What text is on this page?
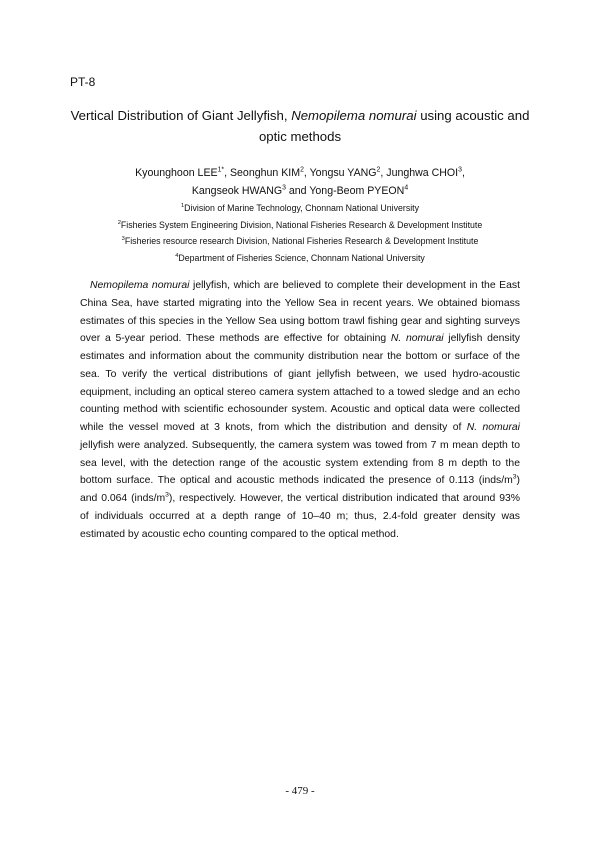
PT-8
Vertical Distribution of Giant Jellyfish, Nemopilema nomurai using acoustic and optic methods
Kyounghoon $LEE^{1*}$, Seonghun KIM$^2$, Yongsu YANG$^2$, Junghwa CHOI$^3$,
Kangseok HWANG$^3$ and Yong-Beom PYEON$^4$
$^1$Division of Marine Technology, Chonnam National University
$^2$Fisheries System Engineering Division, National Fisheries Research & Development Institute
$^3$Fisheries resource research Division, National Fisheries Research & Development Institute
$^4$Department of Fisheries Science, Chonnam National University

Nemopilema nomurai jellyfish, which are believed to complete their development in the East China Sea, have started migrating into the Yellow Sea in recent years. We obtained biomass estimates of this species in the Yellow Sea using bottom trawl fishing gear and sighting surveys over a 5-year period. These methods are effective for obtaining N. nomurai jellyfish density estimates and information about the community distribution near the bottom or surface of the sea. To verify the vertical distributions of giant jellyfish between, we used hydro-acoustic equipment, including an optical stereo camera system attached to a towed sledge and an echo counting method with scientific echosounder system. Acoustic and optical data were collected while the vessel moved at 3 knots, from which the distribution and density of N. nomurai jellyfish were analyzed. Subsequently, the camera system was towed from 7 m mean depth to sea level, with the detection range of the acoustic system extending from 8 m depth to the bottom surface. The optical and acoustic methods indicated the presence of 0.113 $(inds/m^3)$ and 0.064 $(inds/m^3)$, respectively. However, the vertical distribution indicated that around 93% of individuals occurred at a depth range of 10–40 m; thus, 2.4-fold greater density was estimated by acoustic echo counting compared to the optical method.

- 479 -
